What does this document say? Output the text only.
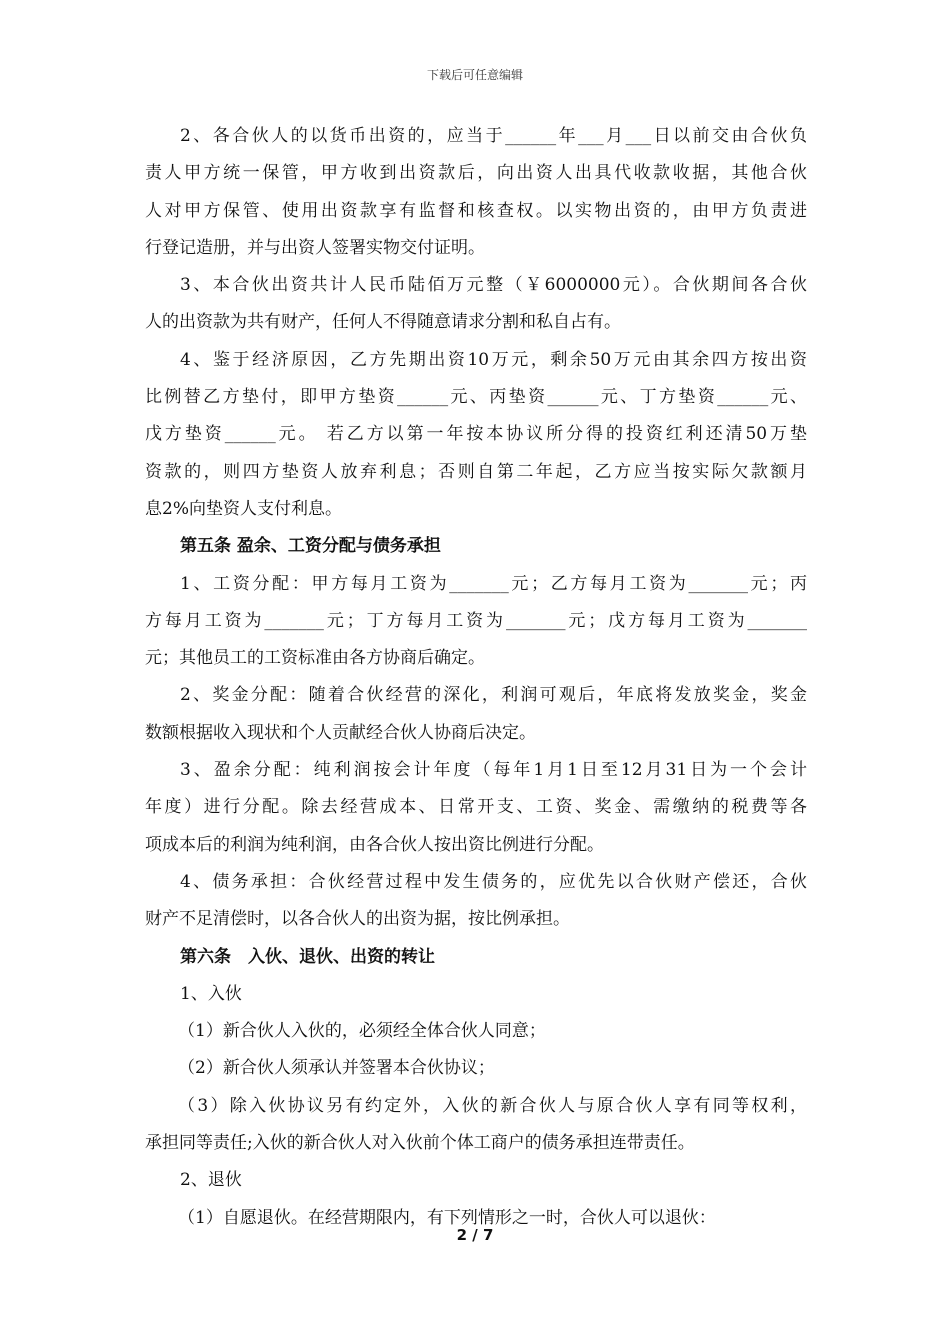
下载后可任意编辑
2、各合伙人的以货币出资的，应当于______年___月___日以前交由合伙负
责人甲方统一保管，甲方收到出资款后，向出资人出具代收款收据，其他合伙
人对甲方保管、使用出资款享有监督和核查权。以实物出资的，由甲方负责进
行登记造册，并与出资人签署实物交付证明。
3、本合伙出资共计人民币陆佰万元整（￥6000000元）。合伙期间各合伙
人的出资款为共有财产，任何人不得随意请求分割和私自占有。
4、鉴于经济原因，乙方先期出资10万元，剩余50万元由其余四方按出资
比例替乙方垫付，即甲方垫资______元、丙垫资______元、丁方垫资______元、
戊方垫资______元。 若乙方以第一年按本协议所分得的投资红利还清50万垫
资款的，则四方垫资人放弃利息；否则自第二年起，乙方应当按实际欠款额月
息2%向垫资人支付利息。
第五条 盈余、工资分配与债务承担
1、工资分配：甲方每月工资为_______元；乙方每月工资为_______元；丙
方每月工资为_______元；丁方每月工资为_______元；戊方每月工资为_______
元；其他员工的工资标准由各方协商后确定。
2、奖金分配：随着合伙经营的深化，利润可观后，年底将发放奖金，奖金
数额根据收入现状和个人贡献经合伙人协商后决定。
3、盈余分配：纯利润按会计年度（每年1月1日至12月31日为一个会计
年度）进行分配。除去经营成本、日常开支、工资、奖金、需缴纳的税费等各
项成本后的利润为纯利润，由各合伙人按出资比例进行分配。
4、债务承担：合伙经营过程中发生债务的，应优先以合伙财产偿还，合伙
财产不足清偿时，以各合伙人的出资为据，按比例承担。
第六条　入伙、退伙、出资的转让
1、入伙
（1）新合伙人入伙的，必须经全体合伙人同意；
（2）新合伙人须承认并签署本合伙协议；
（3）除入伙协议另有约定外，入伙的新合伙人与原合伙人享有同等权利，
承担同等责任;入伙的新合伙人对入伙前个体工商户的债务承担连带责任。
2、退伙
（1）自愿退伙。在经营期限内，有下列情形之一时，合伙人可以退伙：
2 / 7
